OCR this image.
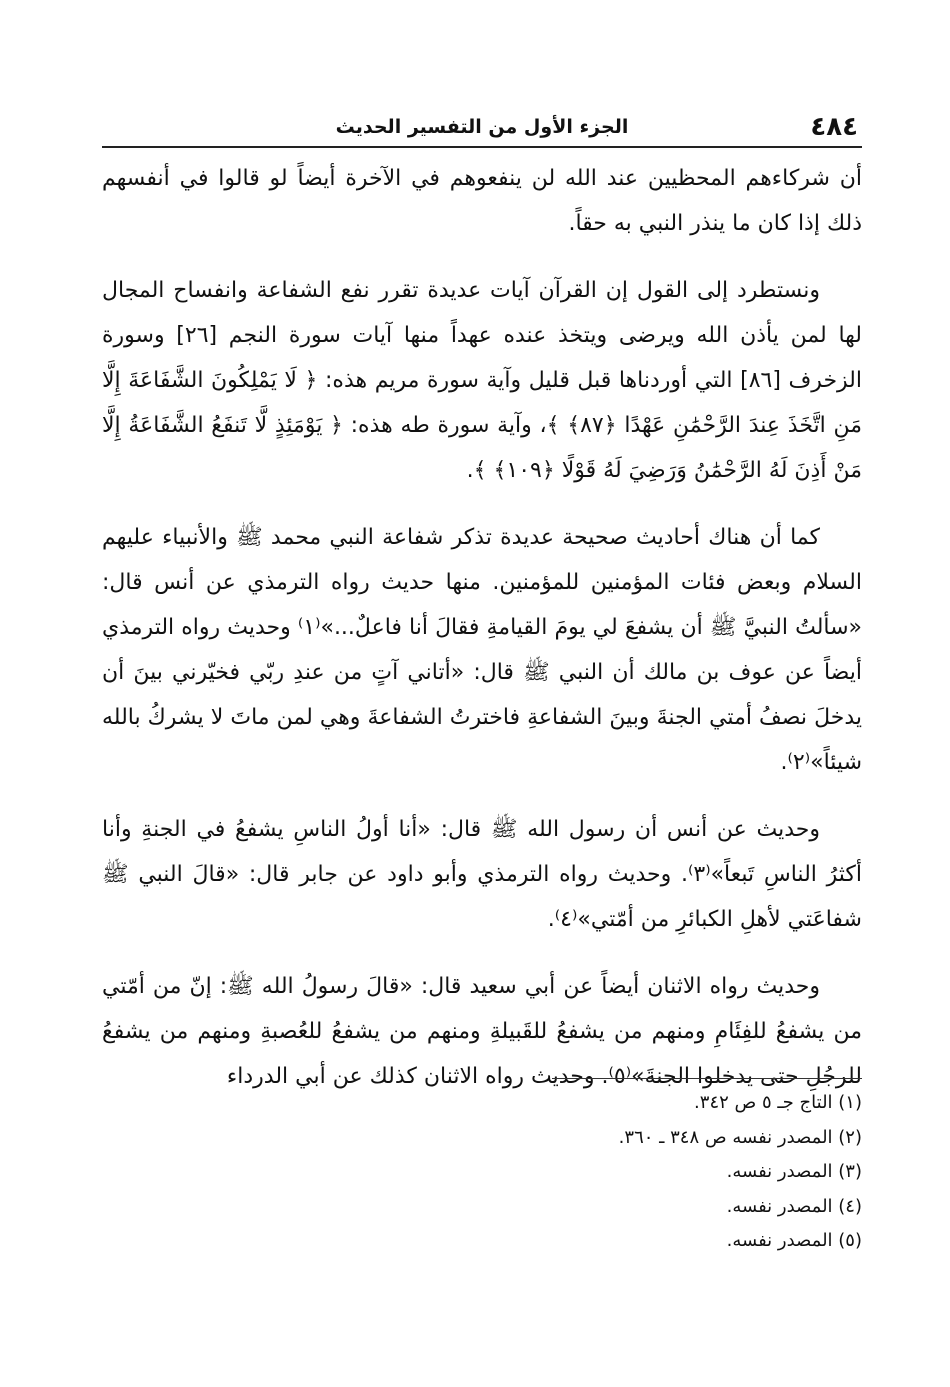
٤٨٤
الجزء الأول من التفسير الحديث

أن شركاءهم المحظيين عند الله لن ينفعوهم في الآخرة أيضاً لو قالوا في أنفسهم ذلك إذا كان ما ينذر النبي به حقاً.

ونستطرد إلى القول إن القرآن آيات عديدة تقرر نفع الشفاعة وانفساح المجال لها لمن يأذن الله ويرضى ويتخذ عنده عهداً منها آيات سورة النجم [٢٦] وسورة الزخرف [٨٦] التي أوردناها قبل قليل وآية سورة مريم هذه: ﴿ لَا يَمْلِكُونَ الشَّفَاعَةَ إِلَّا مَنِ اتَّخَذَ عِندَ الرَّحْمَٰنِ عَهْدًا ﴿٨٧﴾ ﴾، وآية سورة طه هذه: ﴿ يَوْمَئِذٍ لَّا تَنفَعُ الشَّفَاعَةُ إِلَّا مَنْ أَذِنَ لَهُ الرَّحْمَٰنُ وَرَضِيَ لَهُ قَوْلًا ﴿١٠٩﴾ ﴾.

كما أن هناك أحاديث صحيحة عديدة تذكر شفاعة النبي محمد ﷺ والأنبياء عليهم السلام وبعض فئات المؤمنين للمؤمنين. منها حديث رواه الترمذي عن أنس قال: «سألتُ النبيَّ ﷺ أن يشفعَ لي يومَ القيامةِ فقالَ أنا فاعلٌ...»⁽١⁾ وحديث رواه الترمذي أيضاً عن عوف بن مالك أن النبي ﷺ قال: «أتاني آتٍ من عندِ ربّي فخيّرني بينَ أن يدخلَ نصفُ أمتي الجنةَ وبينَ الشفاعةِ فاخترتُ الشفاعةَ وهي لمن ماتَ لا يشركُ بالله شيئاً»⁽٢⁾.

وحديث عن أنس أن رسول الله ﷺ قال: «أنا أولُ الناسِ يشفعُ في الجنةِ وأنا أكثرُ الناسِ تَبعاً»⁽٣⁾. وحديث رواه الترمذي وأبو داود عن جابر قال: «قالَ النبي ﷺ شفاعَتي لأهلِ الكبائرِ من أمّتي»⁽٤⁾.

وحديث رواه الاثنان أيضاً عن أبي سعيد قال: «قالَ رسولُ الله ﷺ: إنّ من أمّتي من يشفعُ للفِئَامِ ومنهم من يشفعُ للقَبيلةِ ومنهم من يشفعُ للعُصبةِ ومنهم من يشفعُ للرجُلِ حتى يدخلوا الجنةَ»⁽٥⁾. وحديث رواه الاثنان كذلك عن أبي الدرداء

(١) التاج جـ ٥ ص ٣٤٢.
(٢) المصدر نفسه ص ٣٤٨ ـ ٣٦٠.
(٣) المصدر نفسه.
(٤) المصدر نفسه.
(٥) المصدر نفسه.
